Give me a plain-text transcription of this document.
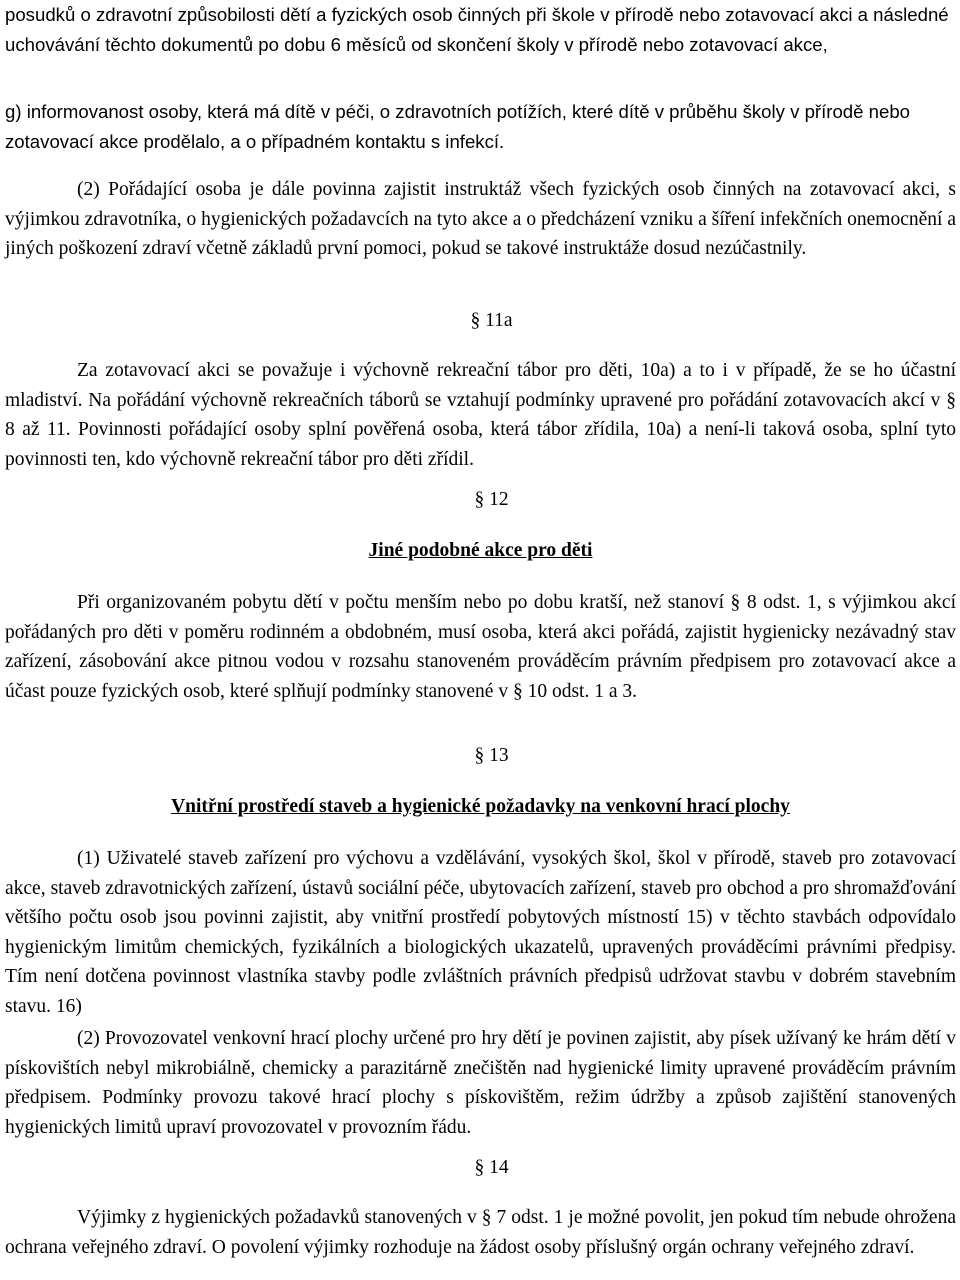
posudků o zdravotní způsobilosti dětí a fyzických osob činných při škole v přírodě nebo zotavovací akci a následné uchovávání těchto dokumentů po dobu 6 měsíců od skončení školy v přírodě nebo zotavovací akce,

g) informovanost osoby, která má dítě v péči, o zdravotních potížích, které dítě v průběhu školy v přírodě nebo zotavovací akce prodělalo, a o případném kontaktu s infekcí.

(2) Pořádající osoba je dále povinna zajistit instruktáž všech fyzických osob činných na zotavovací akci, s výjimkou zdravotníka, o hygienických požadavcích na tyto akce a o předcházení vzniku a šíření infekčních onemocnění a jiných poškození zdraví včetně základů první pomoci, pokud se takové instruktáže dosud nezúčastnily.

§ 11a

Za zotavovací akci se považuje i výchovně rekreační tábor pro děti, 10a) a to i v případě, že se ho účastní mladiství. Na pořádání výchovně rekreačních táborů se vztahují podmínky upravené pro pořádání zotavovacích akcí v § 8 až 11. Povinnosti pořádající osoby splní pověřená osoba, která tábor zřídila, 10a) a není-li taková osoba, splní tyto povinnosti ten, kdo výchovně rekreační tábor pro děti zřídil.

§ 12

Jiné podobné akce pro děti

Při organizovaném pobytu dětí v počtu menším nebo po dobu kratší, než stanoví § 8 odst. 1, s výjimkou akcí pořádaných pro děti v poměru rodinném a obdobném, musí osoba, která akci pořádá, zajistit hygienicky nezávadný stav zařízení, zásobování akce pitnou vodou v rozsahu stanoveném prováděcím právním předpisem pro zotavovací akce a účast pouze fyzických osob, které splňují podmínky stanovené v § 10 odst. 1 a 3.

§ 13

Vnitřní prostředí staveb a hygienické požadavky na venkovní hrací plochy

(1) Uživatelé staveb zařízení pro výchovu a vzdělávání, vysokých škol, škol v přírodě, staveb pro zotavovací akce, staveb zdravotnických zařízení, ústavů sociální péče, ubytovacích zařízení, staveb pro obchod a pro shromažďování většího počtu osob jsou povinni zajistit, aby vnitřní prostředí pobytových místností 15) v těchto stavbách odpovídalo hygienickým limitům chemických, fyzikálních a biologických ukazatelů, upravených prováděcími právními předpisy. Tím není dotčena povinnost vlastníka stavby podle zvláštních právních předpisů udržovat stavbu v dobrém stavebním stavu. 16)

(2) Provozovatel venkovní hrací plochy určené pro hry dětí je povinen zajistit, aby písek užívaný ke hrám dětí v pískovištích nebyl mikrobiálně, chemicky a parazitárně znečištěn nad hygienické limity upravené prováděcím právním předpisem. Podmínky provozu takové hrací plochy s pískovištěm, režim údržby a způsob zajištění stanovených hygienických limitů upraví provozovatel v provozním řádu.

§ 14

Výjimky z hygienických požadavků stanovených v § 7 odst. 1 je možné povolit, jen pokud tím nebude ohrožena ochrana veřejného zdraví. O povolení výjimky rozhoduje na žádost osoby příslušný orgán ochrany veřejného zdraví.
